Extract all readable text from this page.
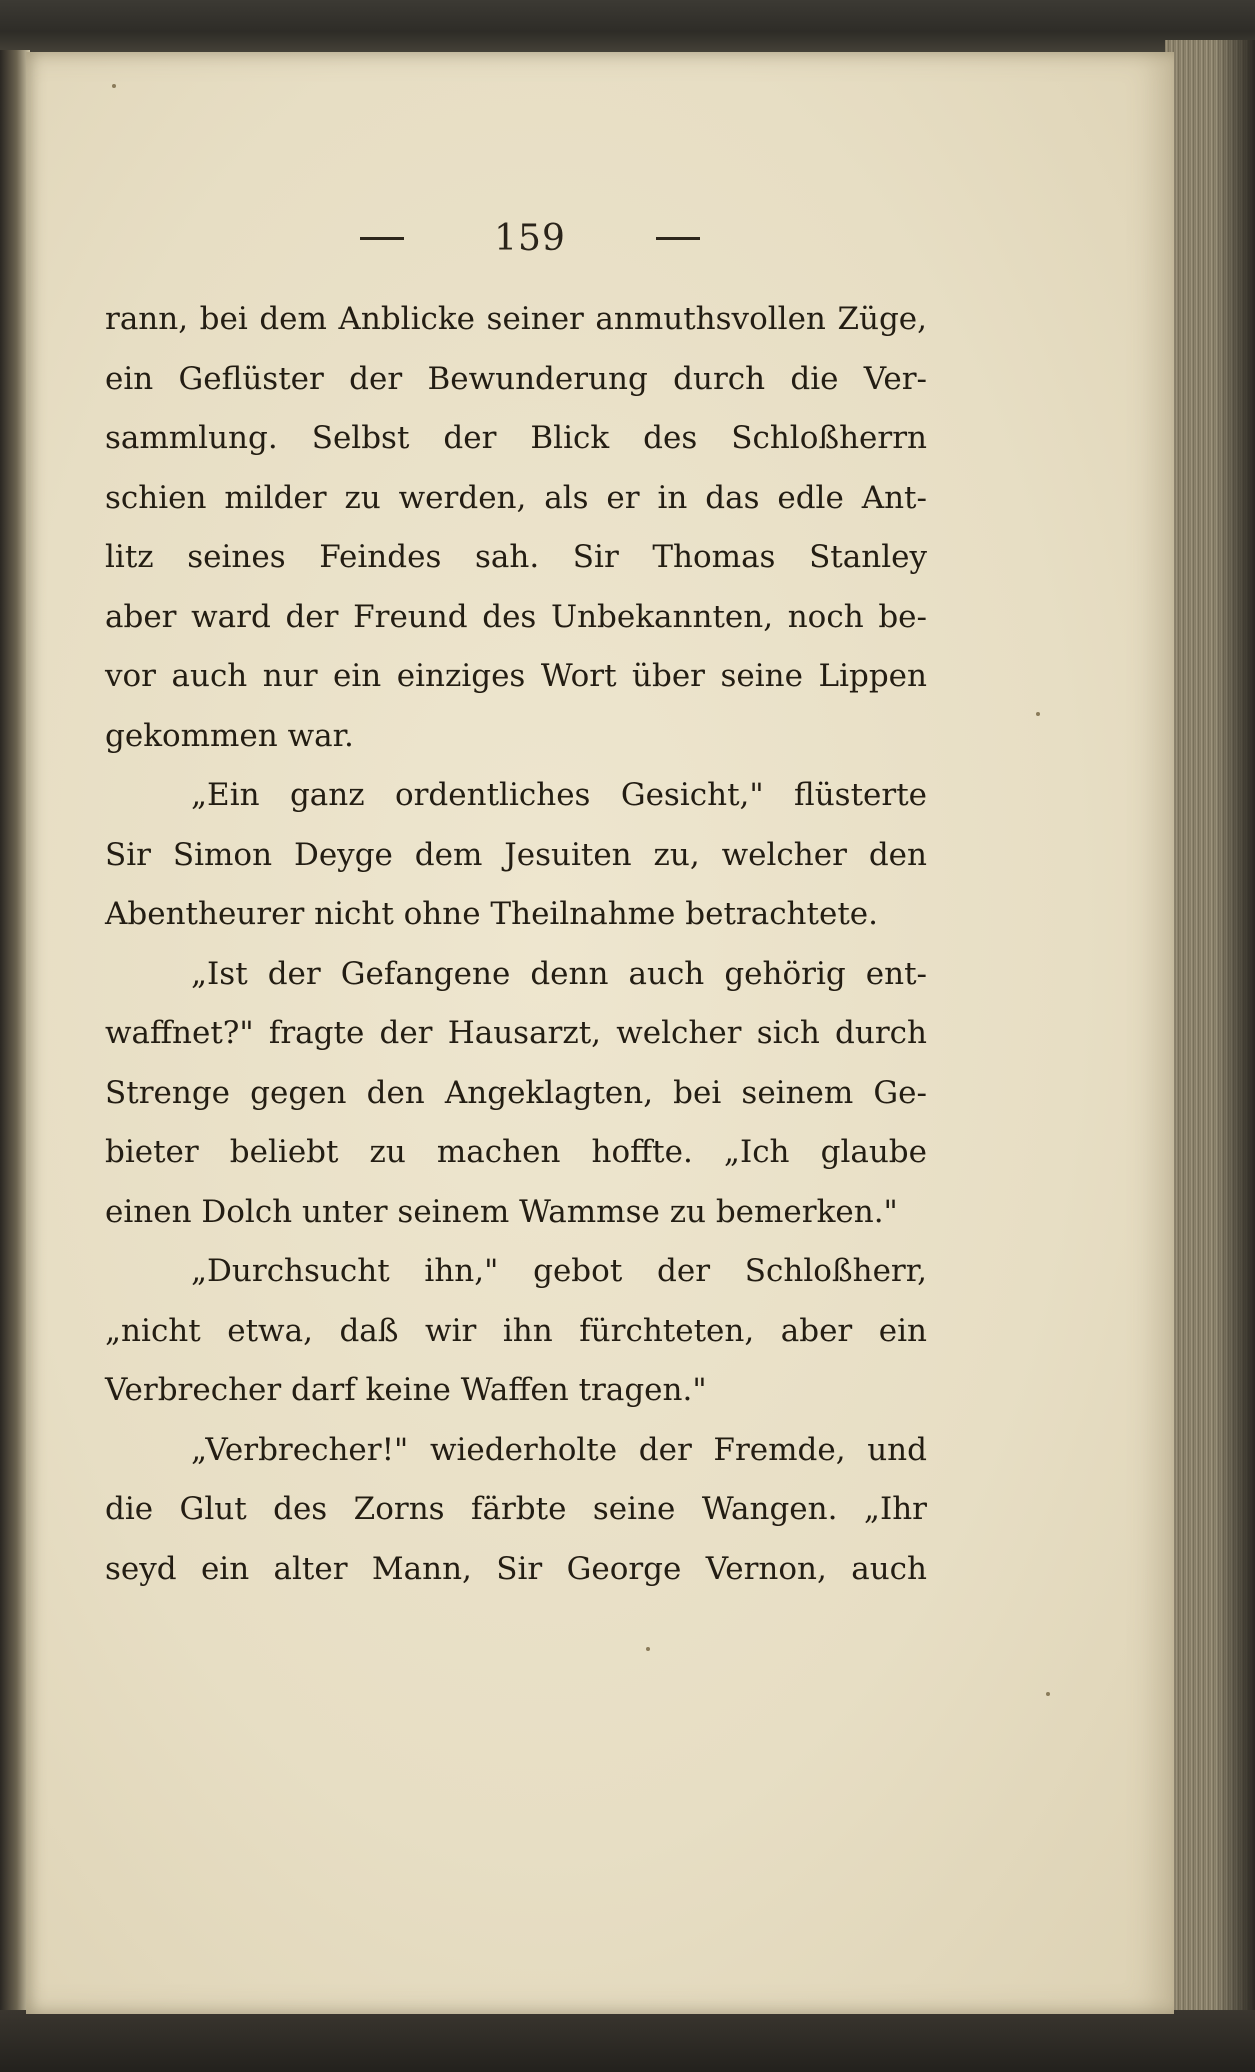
159
rann, bei dem Anblicke seiner anmuthsvollen Züge,
ein Geflüster der Bewunderung durch die Ver-
sammlung. Selbst der Blick des Schloßherrn
schien milder zu werden, als er in das edle Ant-
litz seines Feindes sah. Sir Thomas Stanley
aber ward der Freund des Unbekannten, noch be-
vor auch nur ein einziges Wort über seine Lippen
gekommen war.
„Ein ganz ordentliches Gesicht," flüsterte
Sir Simon Deyge dem Jesuiten zu, welcher den
Abentheurer nicht ohne Theilnahme betrachtete.
„Ist der Gefangene denn auch gehörig ent-
waffnet?" fragte der Hausarzt, welcher sich durch
Strenge gegen den Angeklagten, bei seinem Ge-
bieter beliebt zu machen hoffte. „Ich glaube
einen Dolch unter seinem Wammse zu bemerken."
„Durchsucht ihn," gebot der Schloßherr,
„nicht etwa, daß wir ihn fürchteten, aber ein
Verbrecher darf keine Waffen tragen."
„Verbrecher!" wiederholte der Fremde, und
die Glut des Zorns färbte seine Wangen. „Ihr
seyd ein alter Mann, Sir George Vernon, auch
